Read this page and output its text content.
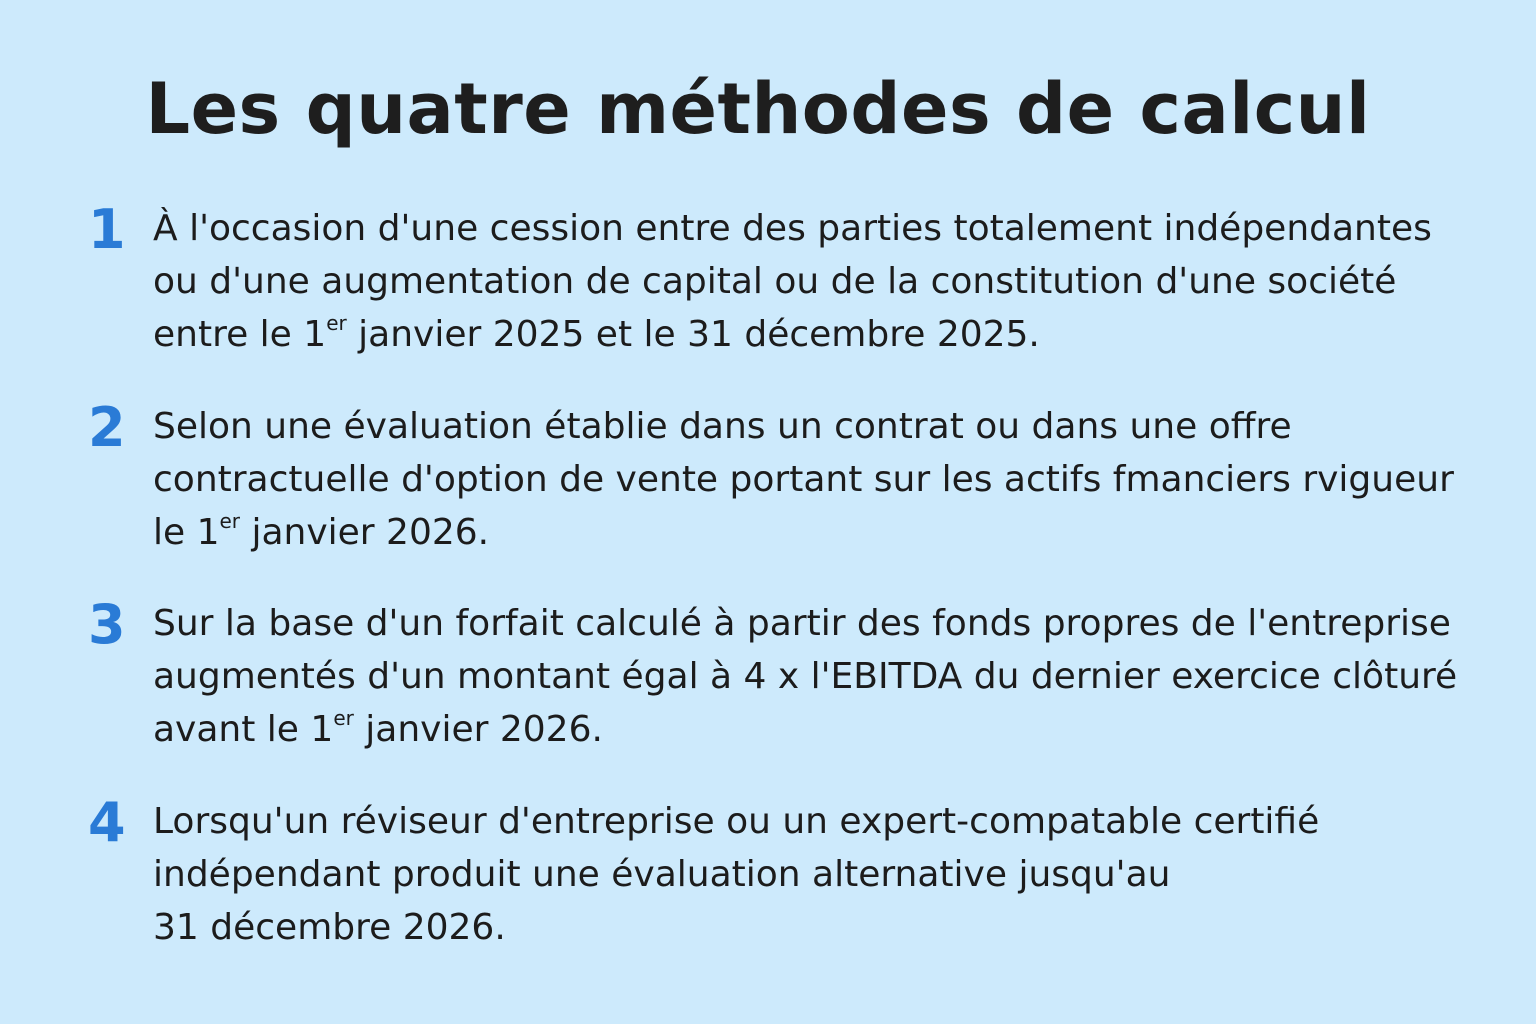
Les quatre méthodes de calcul
1 À l'occasion d'une cession entre des parties totalement indépendantes
ou d'une augmentation de capital ou de la constitution d'une société
entre le 1er janvier 2025 et le 31 décembre 2025.
2 Selon une évaluation établie dans un contrat ou dans une offre
contractuelle d'option de vente portant sur les actifs fmanciers rvigueur
le 1er janvier 2026.
3 Sur la base d'un forfait calculé à partir des fonds propres de l'entreprise
augmentés d'un montant égal à 4 x l'EBITDA du dernier exercice clôturé
avant le 1er janvier 2026.
4 Lorsqu'un réviseur d'entreprise ou un expert-compatable certifié
indépendant produit une évaluation alternative jusqu'au
31 décembre 2026.
